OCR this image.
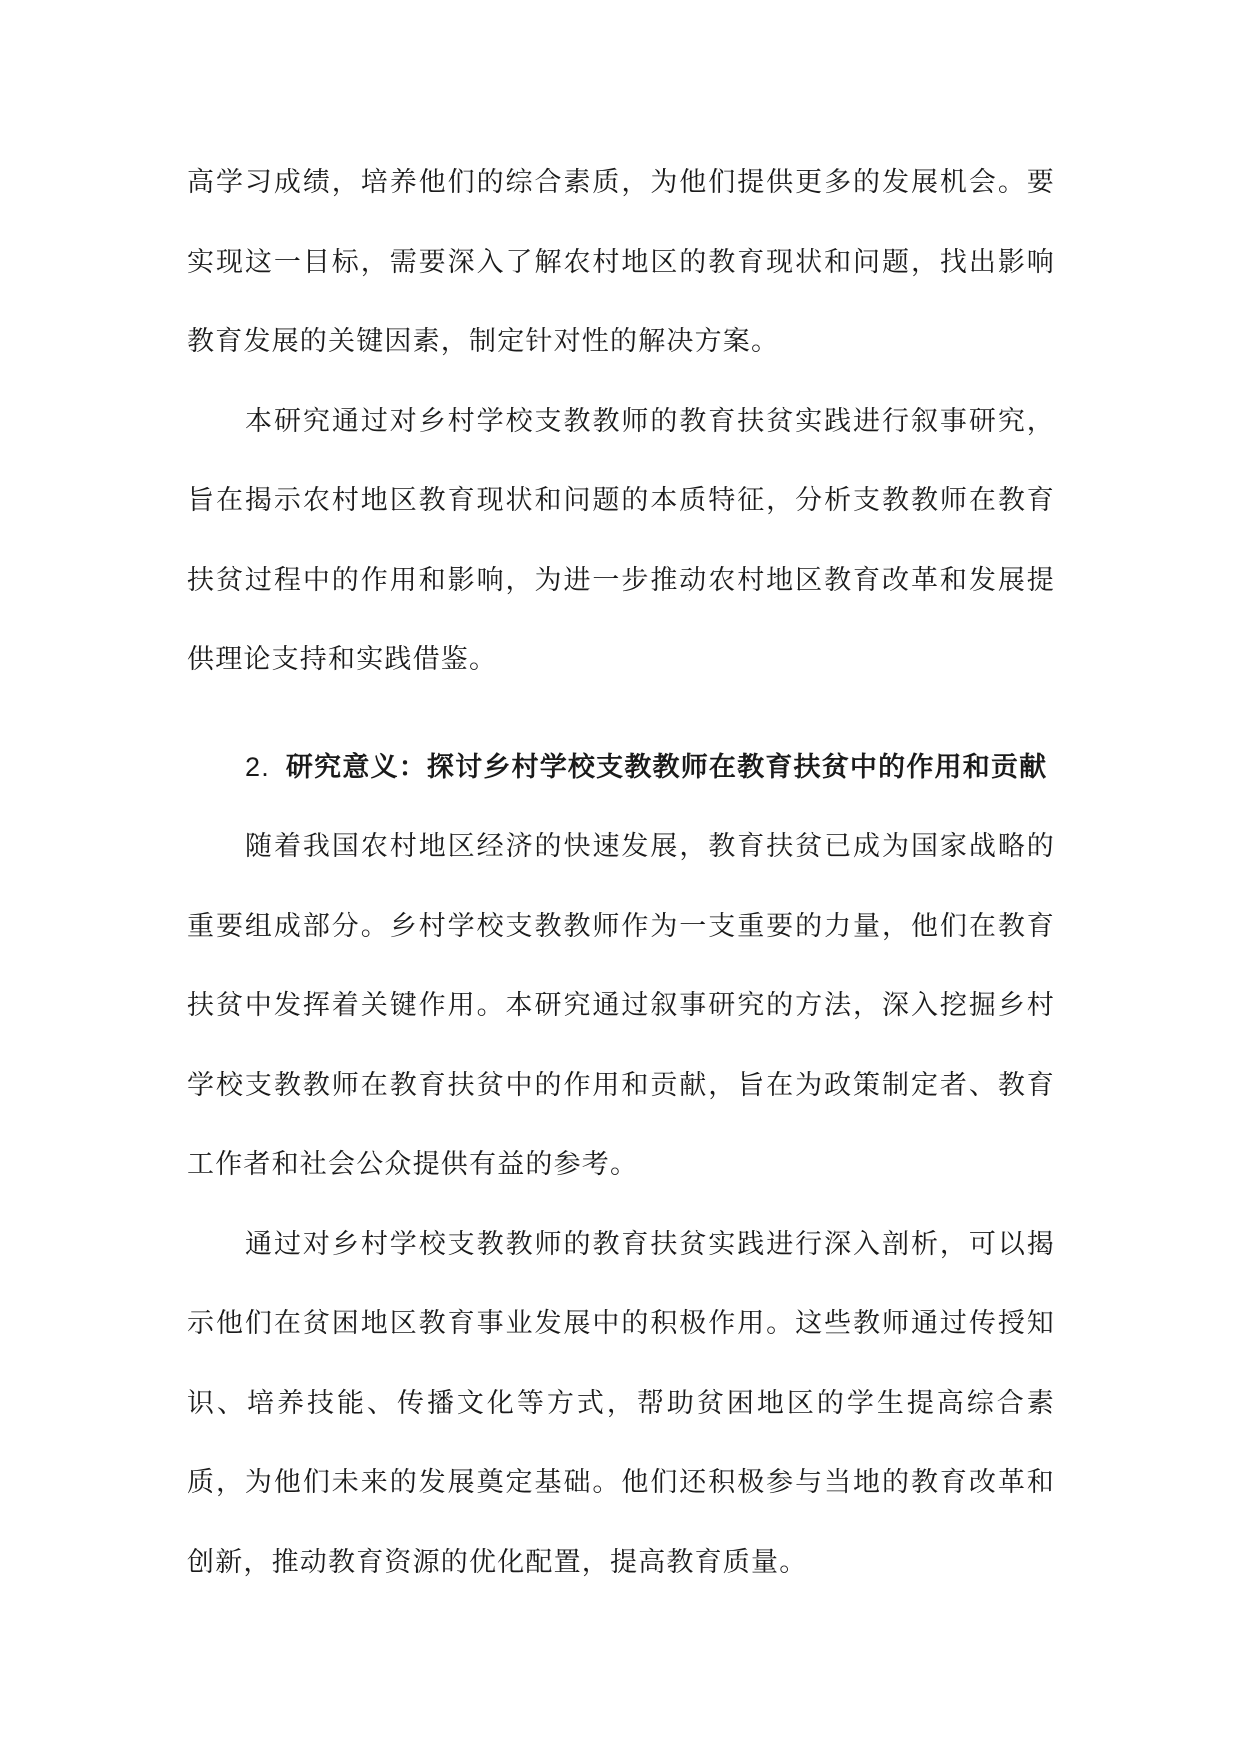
高学习成绩，培养他们的综合素质，为他们提供更多的发展机会。要实现这一目标，需要深入了解农村地区的教育现状和问题，找出影响教育发展的关键因素，制定针对性的解决方案。

本研究通过对乡村学校支教教师的教育扶贫实践进行叙事研究，旨在揭示农村地区教育现状和问题的本质特征，分析支教教师在教育扶贫过程中的作用和影响，为进一步推动农村地区教育改革和发展提供理论支持和实践借鉴。

2. 研究意义：探讨乡村学校支教教师在教育扶贫中的作用和贡献

随着我国农村地区经济的快速发展，教育扶贫已成为国家战略的重要组成部分。乡村学校支教教师作为一支重要的力量，他们在教育扶贫中发挥着关键作用。本研究通过叙事研究的方法，深入挖掘乡村学校支教教师在教育扶贫中的作用和贡献，旨在为政策制定者、教育工作者和社会公众提供有益的参考。

通过对乡村学校支教教师的教育扶贫实践进行深入剖析，可以揭示他们在贫困地区教育事业发展中的积极作用。这些教师通过传授知识、培养技能、传播文化等方式，帮助贫困地区的学生提高综合素质，为他们未来的发展奠定基础。他们还积极参与当地的教育改革和创新，推动教育资源的优化配置，提高教育质量。
